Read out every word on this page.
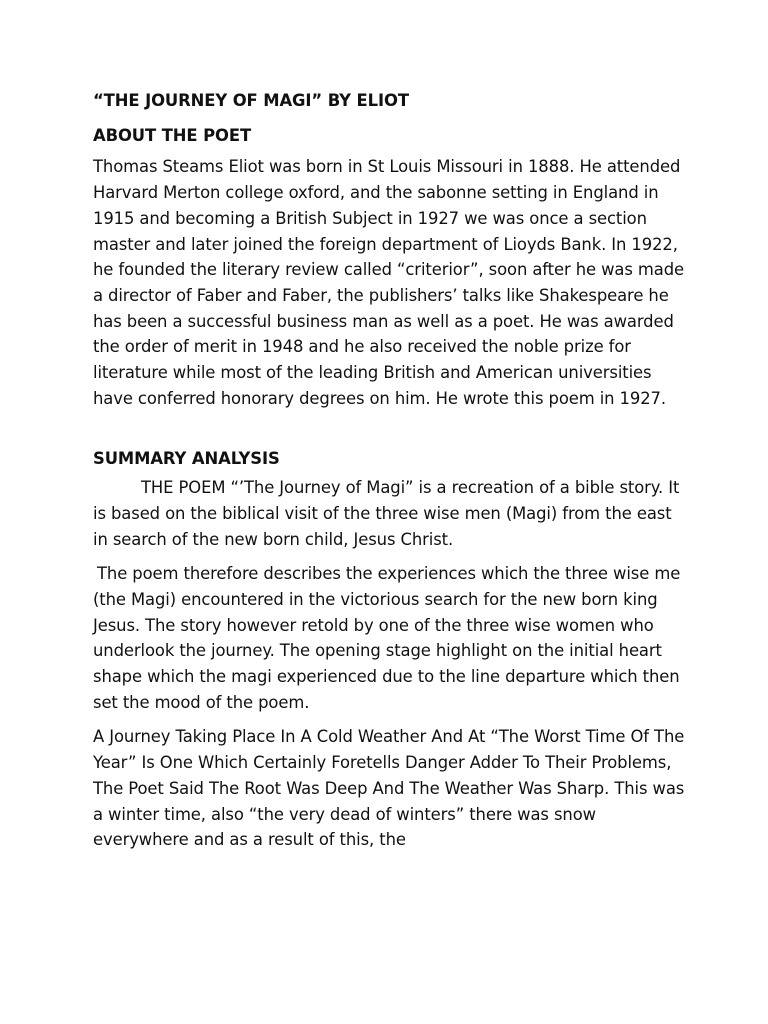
“THE JOURNEY OF MAGI” BY ELIOT

ABOUT THE POET

Thomas Steams Eliot was born in St Louis Missouri in 1888. He attended Harvard Merton college oxford, and the sabonne setting in England in 1915 and becoming a British Subject in 1927 we was once a section master and later joined the foreign department of Lioyds Bank. In 1922, he founded the literary review called “criterior”, soon after he was made a director of Faber and Faber, the publishers’ talks like Shakespeare he has been a successful business man as well as a poet. He was awarded the order of merit in 1948 and he also received the noble prize for literature while most of the leading British and American universities have conferred honorary degrees on him. He wrote this poem in 1927.

SUMMARY ANALYSIS

THE POEM “’The Journey of Magi” is a recreation of a bible story. It is based on the biblical visit of the three wise men (Magi) from the east in search of the new born child, Jesus Christ.

The poem therefore describes the experiences which the three wise me (the Magi) encountered in the victorious search for the new born king Jesus. The story however retold by one of the three wise women who underlook the journey. The opening stage highlight on the initial heart shape which the magi experienced due to the line departure which then set the mood of the poem.

A Journey Taking Place In A Cold Weather And At “The Worst Time Of The Year” Is One Which Certainly Foretells Danger Adder To Their Problems, The Poet Said The Root Was Deep And The Weather Was Sharp. This was a winter time, also “the very dead of winters” there was snow everywhere and as a result of this, the
